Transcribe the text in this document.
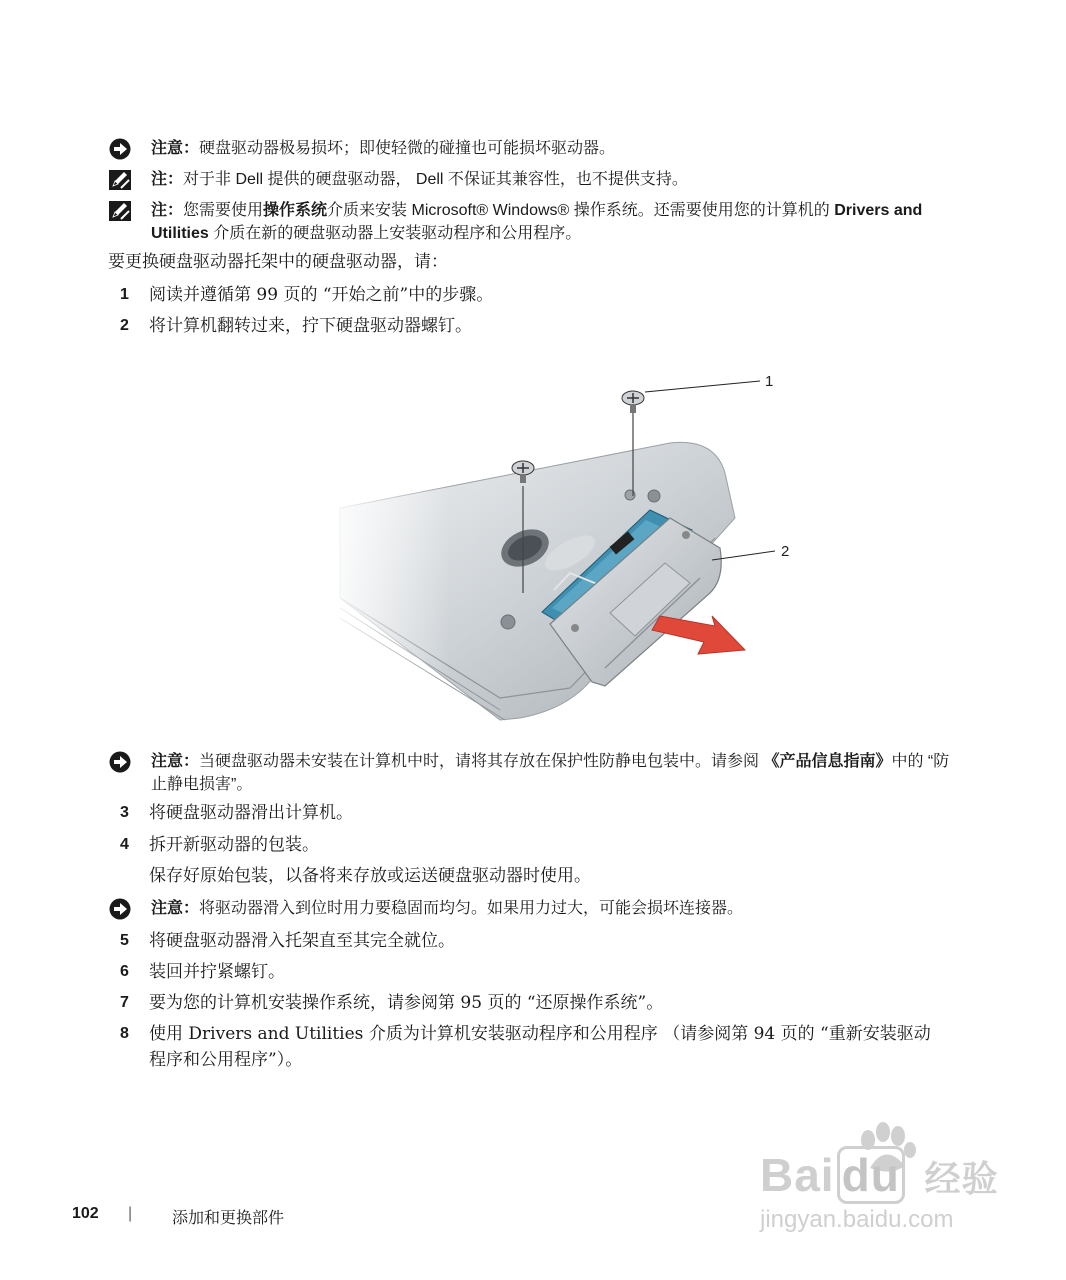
注意：硬盘驱动器极易损坏；即使轻微的碰撞也可能损坏驱动器。
注：对于非 Dell 提供的硬盘驱动器， Dell 不保证其兼容性，也不提供支持。
注：您需要使用操作系统介质来安装 Microsoft® Windows® 操作系统。还需要使用您的计算机的 Drivers and Utilities 介质在新的硬盘驱动器上安装驱动程序和公用程序。
要更换硬盘驱动器托架中的硬盘驱动器，请：
1 阅读并遵循第 99 页的 “开始之前”中的步骤。
2 将计算机翻转过来，拧下硬盘驱动器螺钉。
1
2
注意：当硬盘驱动器未安装在计算机中时，请将其存放在保护性防静电包装中。请参阅 《产品信息指南》中的 “防止静电损害”。
3 将硬盘驱动器滑出计算机。
4 拆开新驱动器的包装。
保存好原始包装，以备将来存放或运送硬盘驱动器时使用。
注意：将驱动器滑入到位时用力要稳固而均匀。如果用力过大，可能会损坏连接器。
5 将硬盘驱动器滑入托架直至其完全就位。
6 装回并拧紧螺钉。
7 要为您的计算机安装操作系统，请参阅第 95 页的 “还原操作系统”。
8 使用 Drivers and Utilities 介质为计算机安装驱动程序和公用程序 （请参阅第 94 页的 “重新安装驱动程序和公用程序”）。
102 | 添加和更换部件
Bai du 经验
jingyan.baidu.com
